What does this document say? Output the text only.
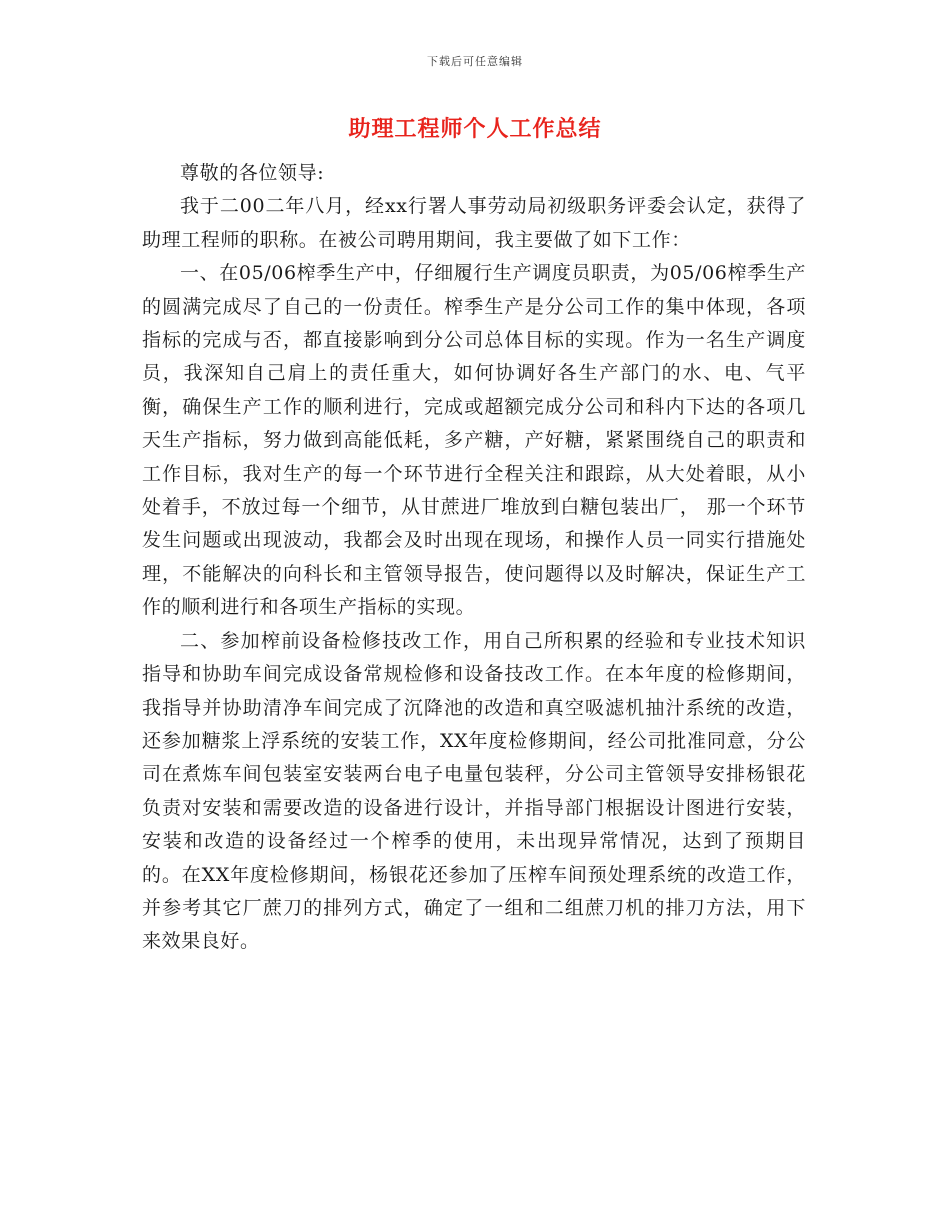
下载后可任意编辑
助理工程师个人工作总结

尊敬的各位领导:

我于二00二年八月，经xx行署人事劳动局初级职务评委会认定，获得了助理工程师的职称。在被公司聘用期间，我主要做了如下工作：

一、在05/06榨季生产中，仔细履行生产调度员职责，为05/06榨季生产的圆满完成尽了自己的一份责任。榨季生产是分公司工作的集中体现，各项指标的完成与否，都直接影响到分公司总体目标的实现。作为一名生产调度员，我深知自己肩上的责任重大，如何协调好各生产部门的水、电、气平衡，确保生产工作的顺利进行，完成或超额完成分公司和科内下达的各项几天生产指标，努力做到高能低耗，多产糖，产好糖，紧紧围绕自己的职责和工作目标，我对生产的每一个环节进行全程关注和跟踪，从大处着眼，从小处着手，不放过每一个细节，从甘蔗进厂堆放到白糖包装出厂， 那一个环节发生问题或出现波动，我都会及时出现在现场，和操作人员一同实行措施处理，不能解决的向科长和主管领导报告，使问题得以及时解决，保证生产工作的顺利进行和各项生产指标的实现。

二、参加榨前设备检修技改工作，用自己所积累的经验和专业技术知识指导和协助车间完成设备常规检修和设备技改工作。在本年度的检修期间，我指导并协助清净车间完成了沉降池的改造和真空吸滤机抽汁系统的改造，还参加糖浆上浮系统的安装工作，XX年度检修期间，经公司批准同意，分公司在煮炼车间包装室安装两台电子电量包装秤，分公司主管领导安排杨银花负责对安装和需要改造的设备进行设计，并指导部门根据设计图进行安装，安装和改造的设备经过一个榨季的使用，未出现异常情况，达到了预期目的。在XX年度检修期间，杨银花还参加了压榨车间预处理系统的改造工作，并参考其它厂蔗刀的排列方式，确定了一组和二组蔗刀机的排刀方法，用下来效果良好。
